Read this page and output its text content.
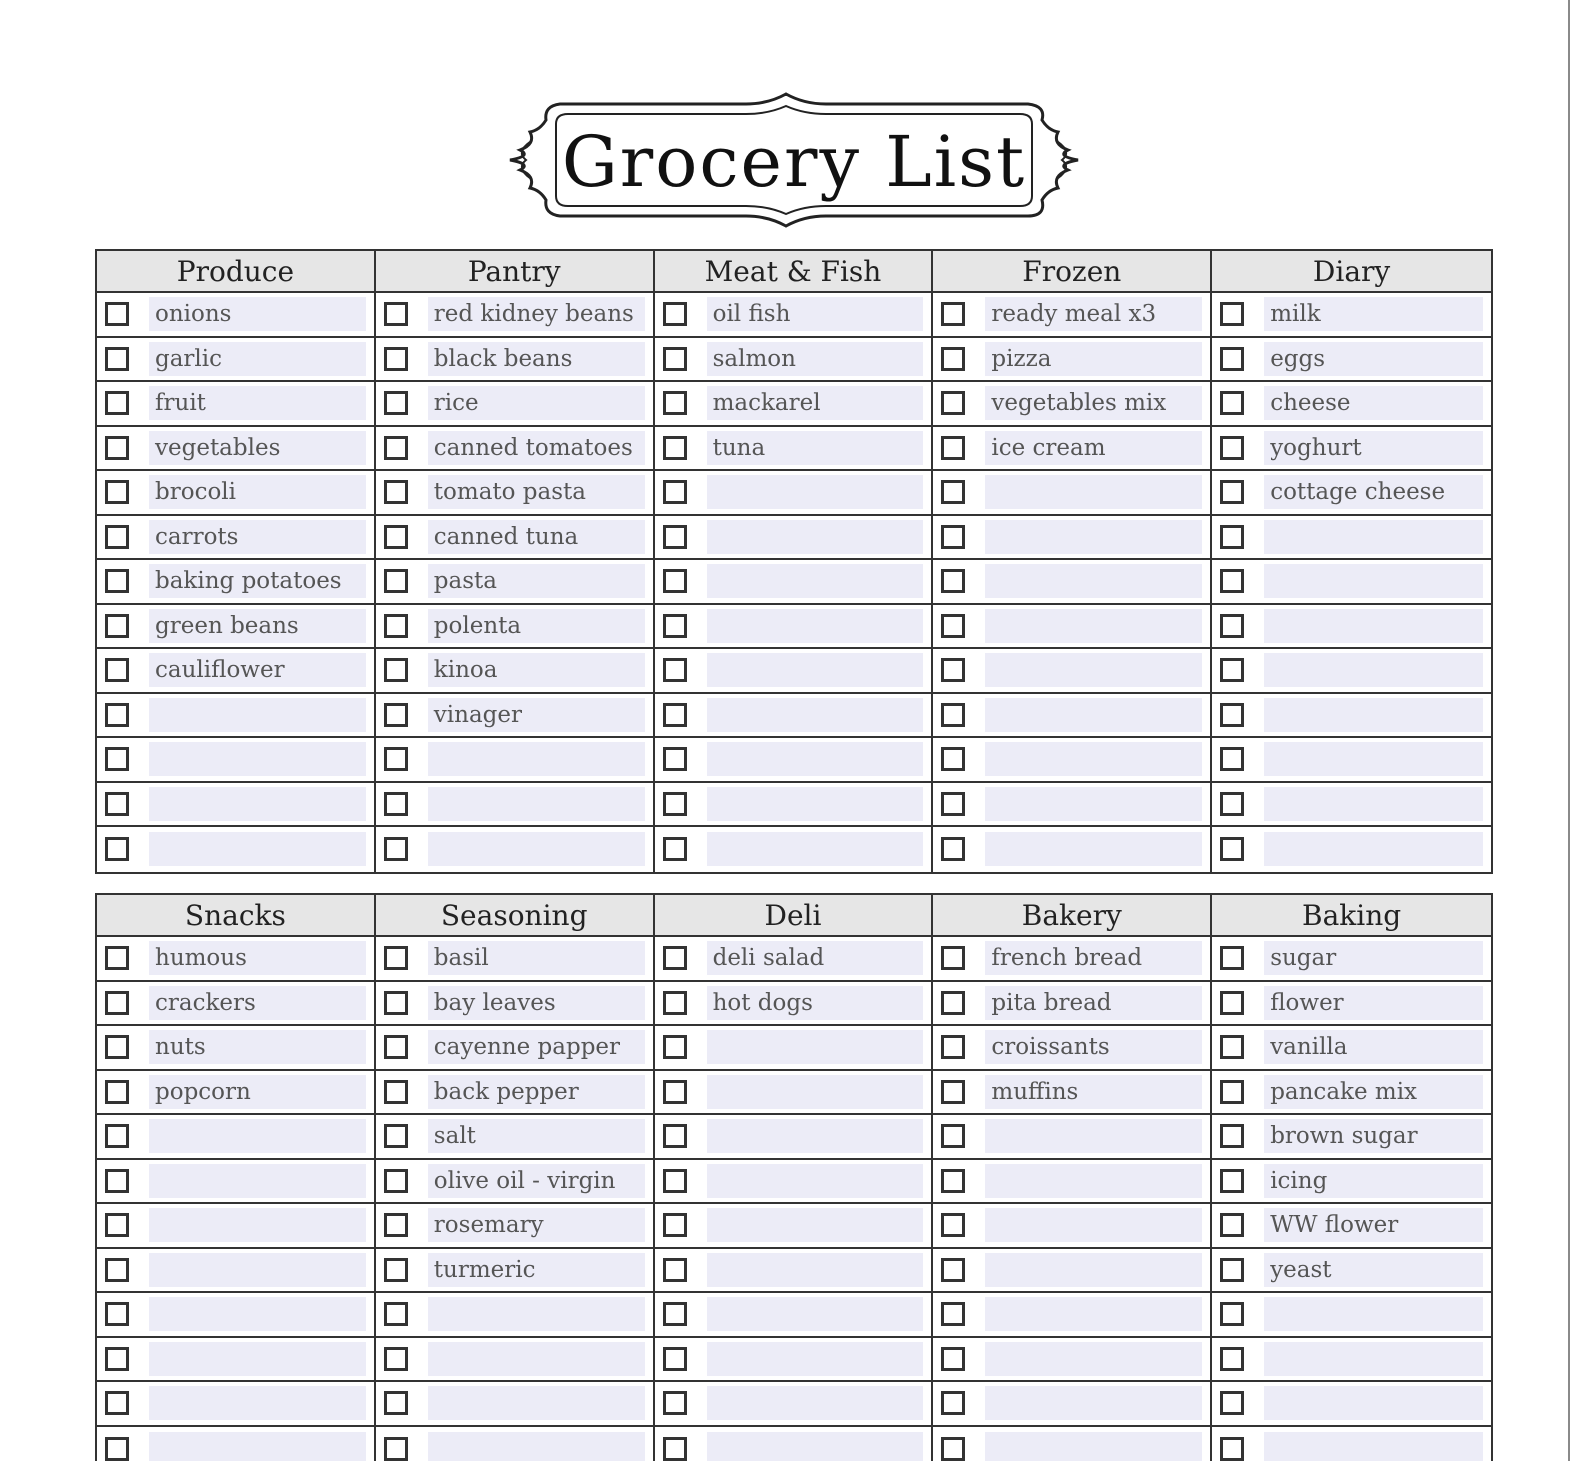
Grocery List
Produce
onions
garlic
fruit
vegetables
brocoli
carrots
baking potatoes
green beans
cauliflower
Pantry
red kidney beans
black beans
rice
canned tomatoes
tomato pasta
canned tuna
pasta
polenta
kinoa
vinager
Meat & Fish
oil fish
salmon
mackarel
tuna
Frozen
ready meal x3
pizza
vegetables mix
ice cream
Diary
milk
eggs
cheese
yoghurt
cottage cheese
Snacks
humous
crackers
nuts
popcorn
Seasoning
basil
bay leaves
cayenne papper
back pepper
salt
olive oil - virgin
rosemary
turmeric
Deli
deli salad
hot dogs
Bakery
french bread
pita bread
croissants
muffins
Baking
sugar
flower
vanilla
pancake mix
brown sugar
icing
WW flower
yeast
